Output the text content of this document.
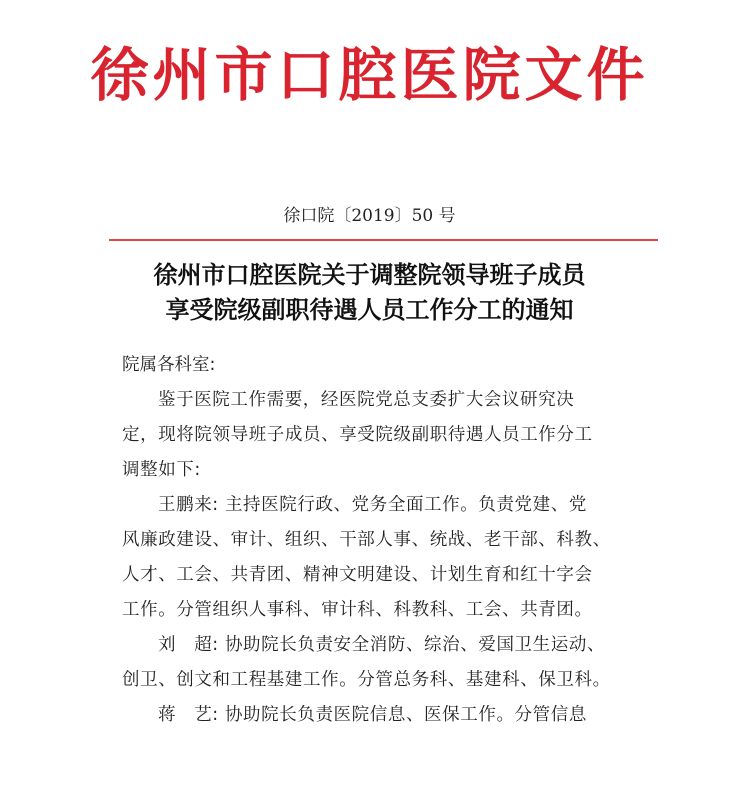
徐州市口腔医院文件
徐口院〔2019〕50 号
徐州市口腔医院关于调整院领导班子成员
享受院级副职待遇人员工作分工的通知
院属各科室:
鉴于医院工作需要，经医院党总支委扩大会议研究决
定，现将院领导班子成员、享受院级副职待遇人员工作分工
调整如下:
王鹏来: 主持医院行政、党务全面工作。负责党建、党
风廉政建设、审计、组织、干部人事、统战、老干部、科教、
人才、工会、共青团、精神文明建设、计划生育和红十字会
工作。分管组织人事科、审计科、科教科、工会、共青团。
刘　超: 协助院长负责安全消防、综治、爱国卫生运动、
创卫、创文和工程基建工作。分管总务科、基建科、保卫科。
蒋　艺: 协助院长负责医院信息、医保工作。分管信息
